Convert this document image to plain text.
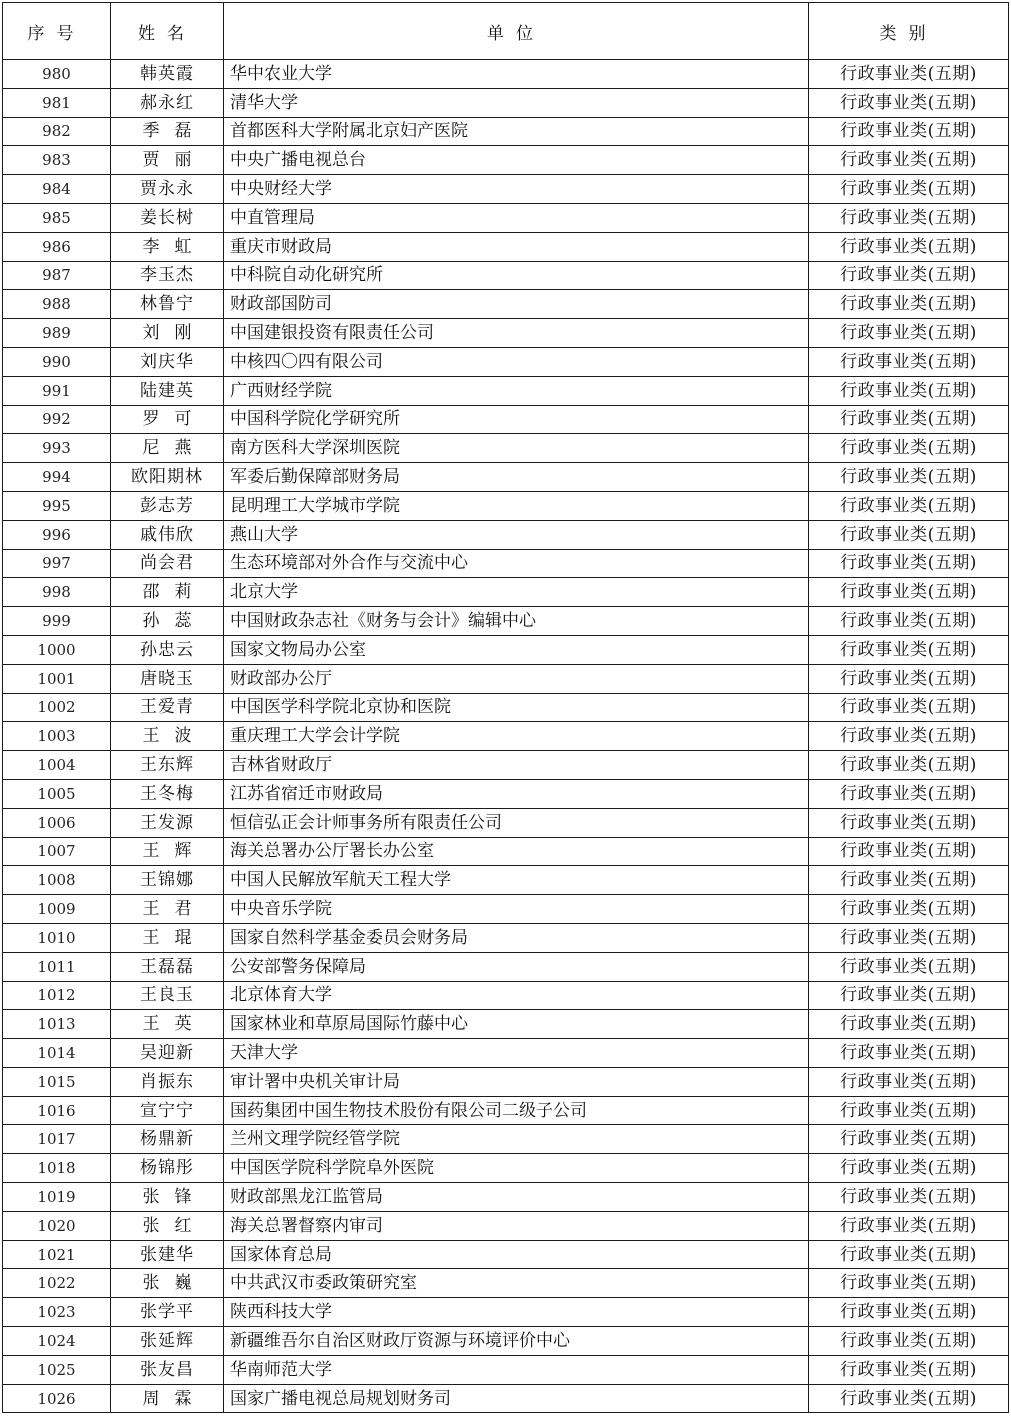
序号	姓名	单位	类别
980	韩英霞	华中农业大学	行政事业类(五期)
981	郝永红	清华大学	行政事业类(五期)
982	季磊	首都医科大学附属北京妇产医院	行政事业类(五期)
983	贾丽	中央广播电视总台	行政事业类(五期)
984	贾永永	中央财经大学	行政事业类(五期)
985	姜长树	中直管理局	行政事业类(五期)
986	李虹	重庆市财政局	行政事业类(五期)
987	李玉杰	中科院自动化研究所	行政事业类(五期)
988	林鲁宁	财政部国防司	行政事业类(五期)
989	刘刚	中国建银投资有限责任公司	行政事业类(五期)
990	刘庆华	中核四〇四有限公司	行政事业类(五期)
991	陆建英	广西财经学院	行政事业类(五期)
992	罗可	中国科学院化学研究所	行政事业类(五期)
993	尼燕	南方医科大学深圳医院	行政事业类(五期)
994	欧阳期林	军委后勤保障部财务局	行政事业类(五期)
995	彭志芳	昆明理工大学城市学院	行政事业类(五期)
996	戚伟欣	燕山大学	行政事业类(五期)
997	尚会君	生态环境部对外合作与交流中心	行政事业类(五期)
998	邵莉	北京大学	行政事业类(五期)
999	孙蕊	中国财政杂志社《财务与会计》编辑中心	行政事业类(五期)
1000	孙忠云	国家文物局办公室	行政事业类(五期)
1001	唐晓玉	财政部办公厅	行政事业类(五期)
1002	王爱青	中国医学科学院北京协和医院	行政事业类(五期)
1003	王波	重庆理工大学会计学院	行政事业类(五期)
1004	王东辉	吉林省财政厅	行政事业类(五期)
1005	王冬梅	江苏省宿迁市财政局	行政事业类(五期)
1006	王发源	恒信弘正会计师事务所有限责任公司	行政事业类(五期)
1007	王辉	海关总署办公厅署长办公室	行政事业类(五期)
1008	王锦娜	中国人民解放军航天工程大学	行政事业类(五期)
1009	王君	中央音乐学院	行政事业类(五期)
1010	王琨	国家自然科学基金委员会财务局	行政事业类(五期)
1011	王磊磊	公安部警务保障局	行政事业类(五期)
1012	王良玉	北京体育大学	行政事业类(五期)
1013	王英	国家林业和草原局国际竹藤中心	行政事业类(五期)
1014	吴迎新	天津大学	行政事业类(五期)
1015	肖振东	审计署中央机关审计局	行政事业类(五期)
1016	宣宁宁	国药集团中国生物技术股份有限公司二级子公司	行政事业类(五期)
1017	杨鼎新	兰州文理学院经管学院	行政事业类(五期)
1018	杨锦彤	中国医学院科学院阜外医院	行政事业类(五期)
1019	张锋	财政部黑龙江监管局	行政事业类(五期)
1020	张红	海关总署督察内审司	行政事业类(五期)
1021	张建华	国家体育总局	行政事业类(五期)
1022	张巍	中共武汉市委政策研究室	行政事业类(五期)
1023	张学平	陕西科技大学	行政事业类(五期)
1024	张延辉	新疆维吾尔自治区财政厅资源与环境评价中心	行政事业类(五期)
1025	张友昌	华南师范大学	行政事业类(五期)
1026	周霖	国家广播电视总局规划财务司	行政事业类(五期)
